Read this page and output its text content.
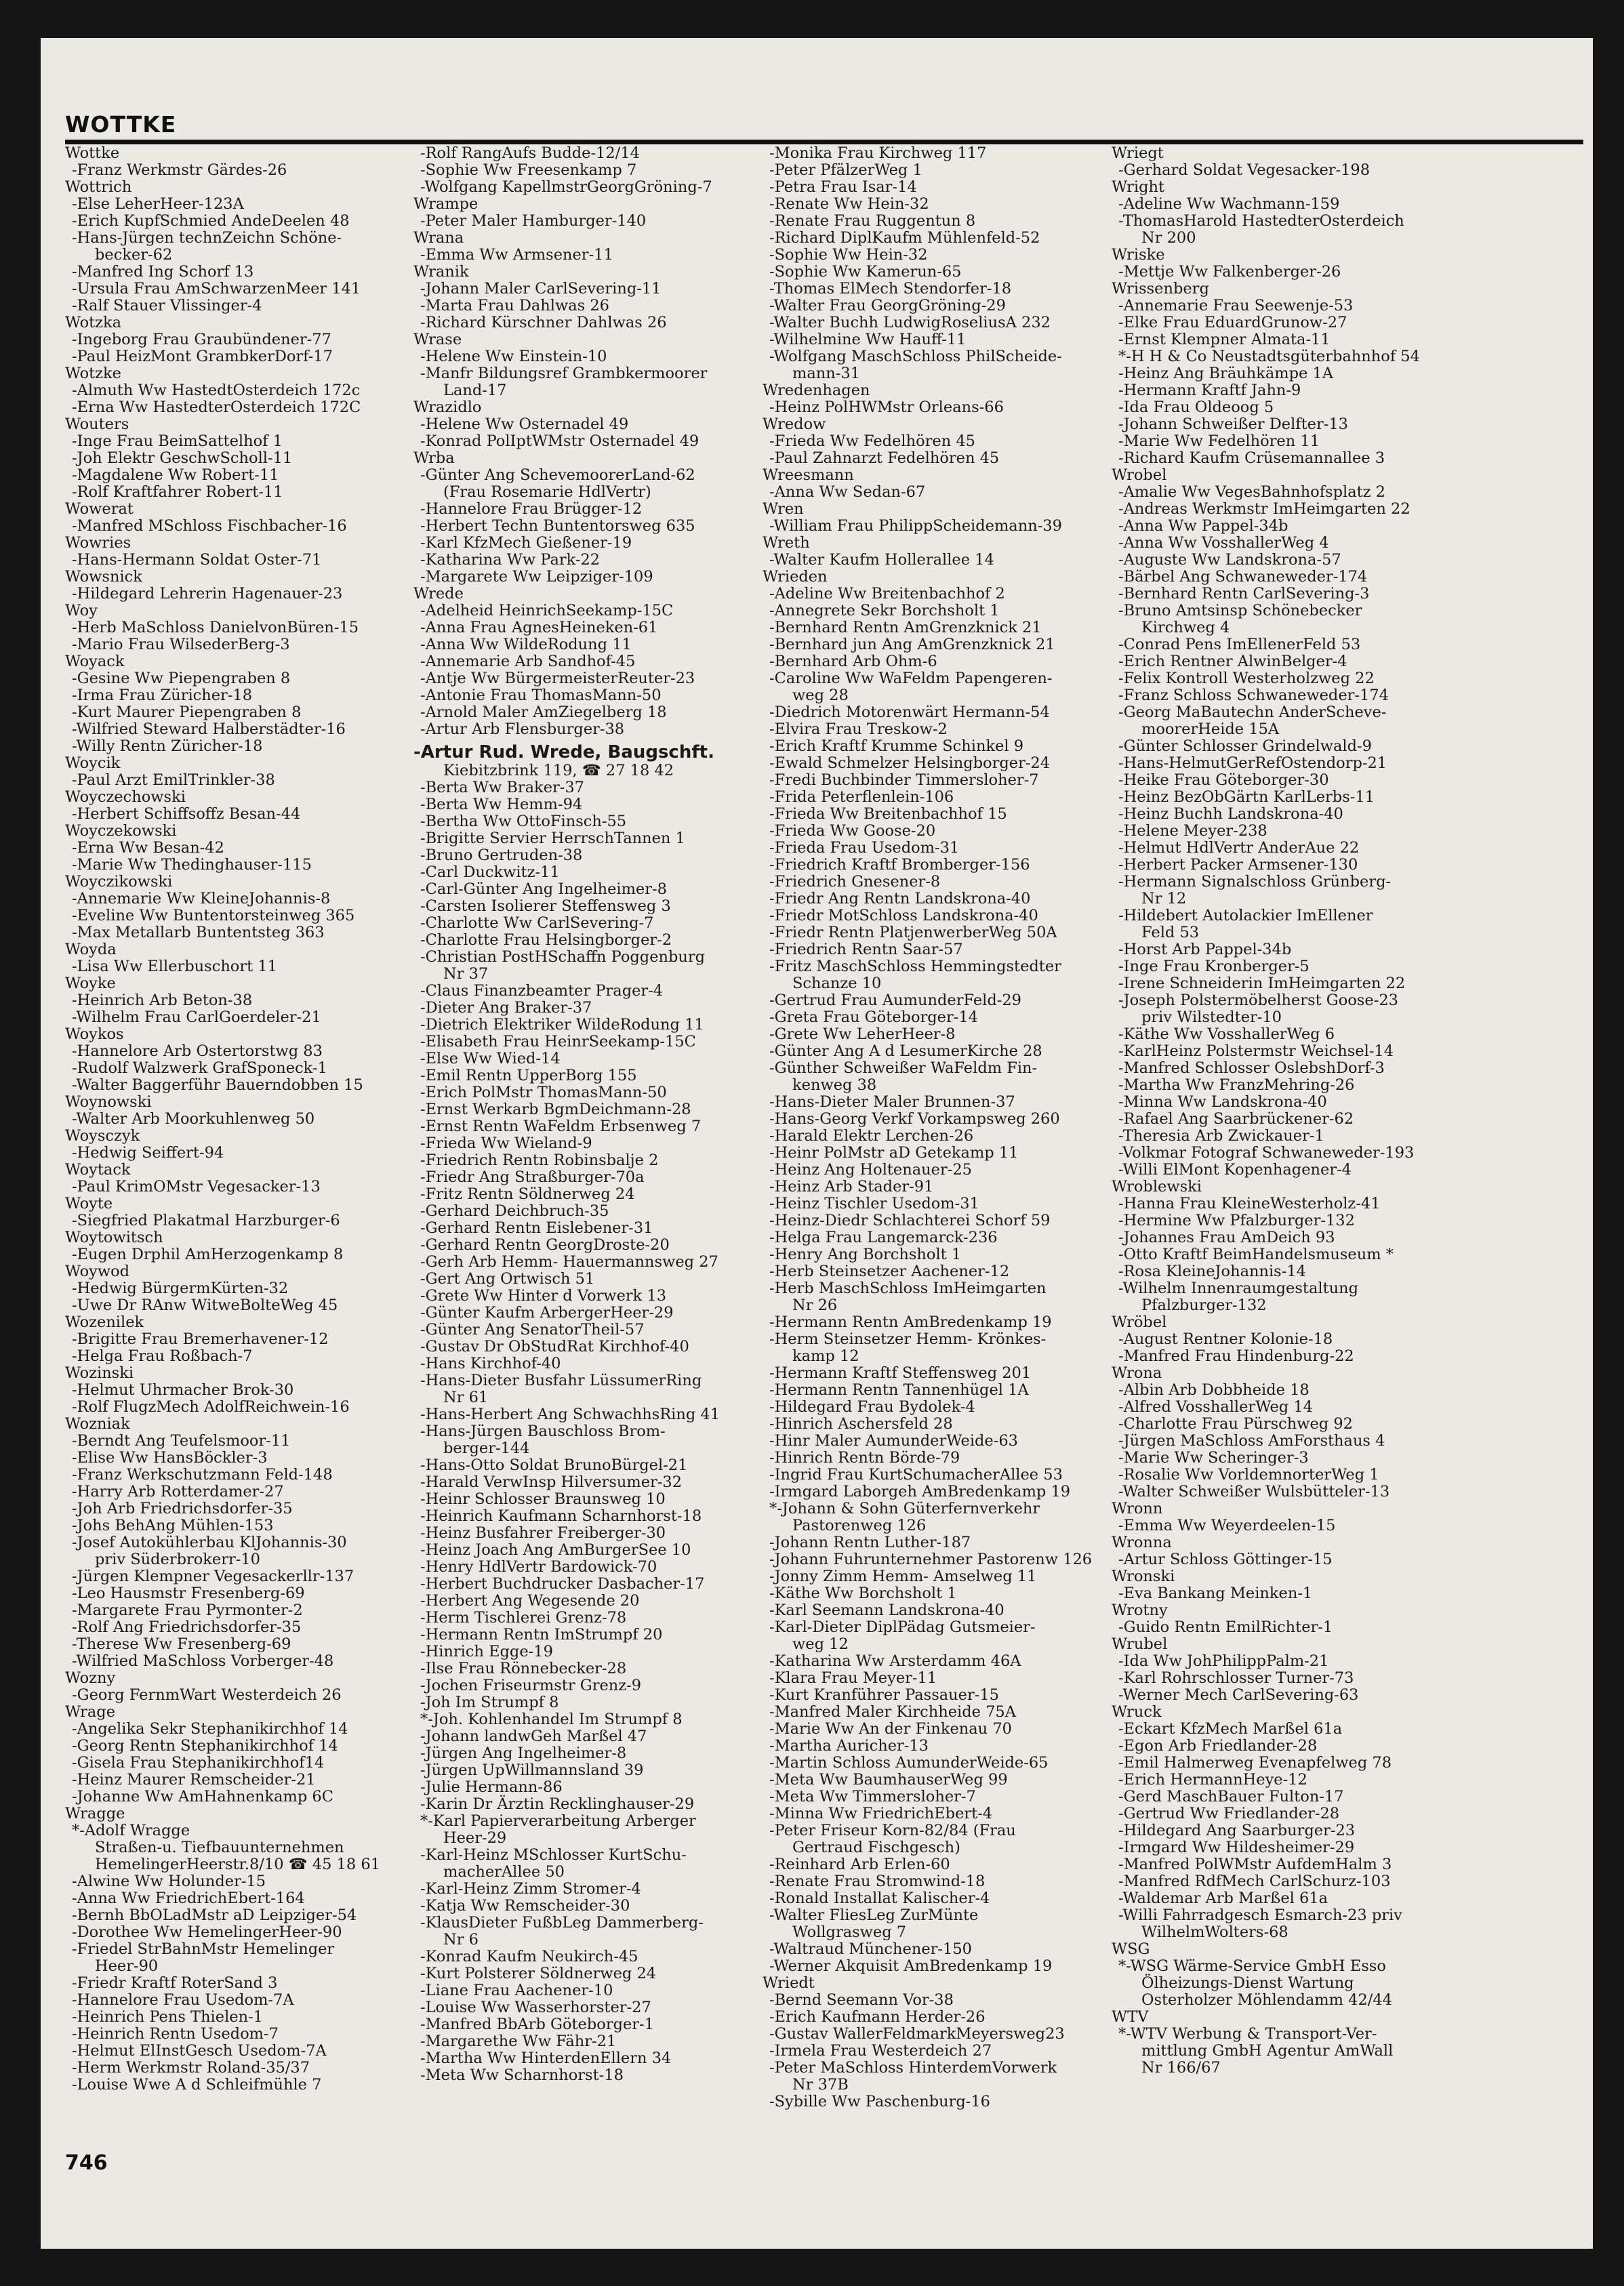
WOTTKE
Wottke
-Franz Werkmstr Gärdes-26
Wottrich
-Else LeherHeer-123A
-Erich KupfSchmied AndeDeelen 48
-Hans-Jürgen technZeichn Schöne-
becker-62
-Manfred Ing Schorf 13
-Ursula Frau AmSchwarzenMeer 141
-Ralf Stauer Vlissinger-4
Wotzka
-Ingeborg Frau Graubündener-77
-Paul HeizMont GrambkerDorf-17
Wotzke
-Almuth Ww HastedtOsterdeich 172c
-Erna Ww HastedterOsterdeich 172C
Wouters
-Inge Frau BeimSattelhof 1
-Joh Elektr GeschwScholl-11
-Magdalene Ww Robert-11
-Rolf Kraftfahrer Robert-11
Wowerat
-Manfred MSchloss Fischbacher-16
Wowries
-Hans-Hermann Soldat Oster-71
Wowsnick
-Hildegard Lehrerin Hagenauer-23
Woy
-Herb MaSchloss DanielvonBüren-15
-Mario Frau WilsederBerg-3
Woyack
-Gesine Ww Piepengraben 8
-Irma Frau Züricher-18
-Kurt Maurer Piepengraben 8
-Wilfried Steward Halberstädter-16
-Willy Rentn Züricher-18
Woycik
-Paul Arzt EmilTrinkler-38
Woyczechowski
-Herbert Schiffsoffz Besan-44
Woyczekowski
-Erna Ww Besan-42
-Marie Ww Thedinghauser-115
Woyczikowski
-Annemarie Ww KleineJohannis-8
-Eveline Ww Buntentorsteinweg 365
-Max Metallarb Buntentsteg 363
Woyda
-Lisa Ww Ellerbuschort 11
Woyke
-Heinrich Arb Beton-38
-Wilhelm Frau CarlGoerdeler-21
Woykos
-Hannelore Arb Ostertorstwg 83
-Rudolf Walzwerk GrafSponeck-1
-Walter Baggerführ Bauerndobben 15
Woynowski
-Walter Arb Moorkuhlenweg 50
Woysczyk
-Hedwig Seiffert-94
Woytack
-Paul KrimOMstr Vegesacker-13
Woyte
-Siegfried Plakatmal Harzburger-6
Woytowitsch
-Eugen Drphil AmHerzogenkamp 8
Woywod
-Hedwig BürgermKürten-32
-Uwe Dr RAnw WitweBolteWeg 45
Wozenilek
-Brigitte Frau Bremerhavener-12
-Helga Frau Roßbach-7
Wozinski
-Helmut Uhrmacher Brok-30
-Rolf FlugzMech AdolfReichwein-16
Wozniak
-Berndt Ang Teufelsmoor-11
-Elise Ww HansBöckler-3
-Franz Werkschutzmann Feld-148
-Harry Arb Rotterdamer-27
-Joh Arb Friedrichsdorfer-35
-Johs BehAng Mühlen-153
-Josef Autokühlerbau KlJohannis-30
priv Süderbrokerr-10
-Jürgen Klempner Vegesackerllr-137
-Leo Hausmstr Fresenberg-69
-Margarete Frau Pyrmonter-2
-Rolf Ang Friedrichsdorfer-35
-Therese Ww Fresenberg-69
-Wilfried MaSchloss Vorberger-48
Wozny
-Georg FernmWart Westerdeich 26
Wrage
-Angelika Sekr Stephanikirchhof 14
-Georg Rentn Stephanikirchhof 14
-Gisela Frau Stephanikirchhof14
-Heinz Maurer Remscheider-21
-Johanne Ww AmHahnenkamp 6C
Wragge
*-Adolf Wragge
Straßen-u. Tiefbauunternehmen
HemelingerHeerstr.8/10 ☎ 45 18 61
-Alwine Ww Holunder-15
-Anna Ww FriedrichEbert-164
-Bernh BbOLadMstr aD Leipziger-54
-Dorothee Ww HemelingerHeer-90
-Friedel StrBahnMstr Hemelinger
Heer-90
-Friedr Kraftf RoterSand 3
-Hannelore Frau Usedom-7A
-Heinrich Pens Thielen-1
-Heinrich Rentn Usedom-7
-Helmut ElInstGesch Usedom-7A
-Herm Werkmstr Roland-35/37
-Louise Wwe A d Schleifmühle 7
-Rolf RangAufs Budde-12/14
-Sophie Ww Freesenkamp 7
-Wolfgang KapellmstrGeorgGröning-7
Wrampe
-Peter Maler Hamburger-140
Wrana
-Emma Ww Armsener-11
Wranik
-Johann Maler CarlSevering-11
-Marta Frau Dahlwas 26
-Richard Kürschner Dahlwas 26
Wrase
-Helene Ww Einstein-10
-Manfr Bildungsref Grambkermoorer
Land-17
Wrazidlo
-Helene Ww Osternadel 49
-Konrad PolIptWMstr Osternadel 49
Wrba
-Günter Ang SchevemoorerLand-62
(Frau Rosemarie HdlVertr)
-Hannelore Frau Brügger-12
-Herbert Techn Buntentorsweg 635
-Karl KfzMech Gießener-19
-Katharina Ww Park-22
-Margarete Ww Leipziger-109
Wrede
-Adelheid HeinrichSeekamp-15C
-Anna Frau AgnesHeineken-61
-Anna Ww WildeRodung 11
-Annemarie Arb Sandhof-45
-Antje Ww BürgermeisterReuter-23
-Antonie Frau ThomasMann-50
-Arnold Maler AmZiegelberg 18
-Artur Arb Flensburger-38
-Artur Rud. Wrede, Baugschft.
Kiebitzbrink 119, ☎ 27 18 42
-Berta Ww Braker-37
-Berta Ww Hemm-94
-Bertha Ww OttoFinsch-55
-Brigitte Servier HerrschTannen 1
-Bruno Gertruden-38
-Carl Duckwitz-11
-Carl-Günter Ang Ingelheimer-8
-Carsten Isolierer Steffensweg 3
-Charlotte Ww CarlSevering-7
-Charlotte Frau Helsingborger-2
-Christian PostHSchaffn Poggenburg
Nr 37
-Claus Finanzbeamter Prager-4
-Dieter Ang Braker-37
-Dietrich Elektriker WildeRodung 11
-Elisabeth Frau HeinrSeekamp-15C
-Else Ww Wied-14
-Emil Rentn UpperBorg 155
-Erich PolMstr ThomasMann-50
-Ernst Werkarb BgmDeichmann-28
-Ernst Rentn WaFeldm Erbsenweg 7
-Frieda Ww Wieland-9
-Friedrich Rentn Robinsbalje 2
-Friedr Ang Straßburger-70a
-Fritz Rentn Söldnerweg 24
-Gerhard Deichbruch-35
-Gerhard Rentn Eislebener-31
-Gerhard Rentn GeorgDroste-20
-Gerh Arb Hemm- Hauermannsweg 27
-Gert Ang Ortwisch 51
-Grete Ww Hinter d Vorwerk 13
-Günter Kaufm ArbergerHeer-29
-Günter Ang SenatorTheil-57
-Gustav Dr ObStudRat Kirchhof-40
-Hans Kirchhof-40
-Hans-Dieter Busfahr LüssumerRing
Nr 61
-Hans-Herbert Ang SchwachhsRing 41
-Hans-Jürgen Bauschloss Brom-
berger-144
-Hans-Otto Soldat BrunoBürgel-21
-Harald VerwInsp Hilversumer-32
-Heinr Schlosser Braunsweg 10
-Heinrich Kaufmann Scharnhorst-18
-Heinz Busfahrer Freiberger-30
-Heinz Joach Ang AmBurgerSee 10
-Henry HdlVertr Bardowick-70
-Herbert Buchdrucker Dasbacher-17
-Herbert Ang Wegesende 20
-Herm Tischlerei Grenz-78
-Hermann Rentn ImStrumpf 20
-Hinrich Egge-19
-Ilse Frau Rönnebecker-28
-Jochen Friseurmstr Grenz-9
-Joh Im Strumpf 8
*-Joh. Kohlenhandel Im Strumpf 8
-Johann landwGeh Marßel 47
-Jürgen Ang Ingelheimer-8
-Jürgen UpWillmannsland 39
-Julie Hermann-86
-Karin Dr Ärztin Recklinghauser-29
*-Karl Papierverarbeitung Arberger
Heer-29
-Karl-Heinz MSchlosser KurtSchu-
macherAllee 50
-Karl-Heinz Zimm Stromer-4
-Katja Ww Remscheider-30
-KlausDieter FußbLeg Dammerberg-
Nr 6
-Konrad Kaufm Neukirch-45
-Kurt Polsterer Söldnerweg 24
-Liane Frau Aachener-10
-Louise Ww Wasserhorster-27
-Manfred BbArb Göteborger-1
-Margarethe Ww Fähr-21
-Martha Ww HinterdenEllern 34
-Meta Ww Scharnhorst-18
-Monika Frau Kirchweg 117
-Peter PfälzerWeg 1
-Petra Frau Isar-14
-Renate Ww Hein-32
-Renate Frau Ruggentun 8
-Richard DiplKaufm Mühlenfeld-52
-Sophie Ww Hein-32
-Sophie Ww Kamerun-65
-Thomas ElMech Stendorfer-18
-Walter Frau GeorgGröning-29
-Walter Buchh LudwigRoseliusA 232
-Wilhelmine Ww Hauff-11
-Wolfgang MaschSchloss PhilScheide-
mann-31
Wredenhagen
-Heinz PolHWMstr Orleans-66
Wredow
-Frieda Ww Fedelhören 45
-Paul Zahnarzt Fedelhören 45
Wreesmann
-Anna Ww Sedan-67
Wren
-William Frau PhilippScheidemann-39
Wreth
-Walter Kaufm Hollerallee 14
Wrieden
-Adeline Ww Breitenbachhof 2
-Annegrete Sekr Borchsholt 1
-Bernhard Rentn AmGrenzknick 21
-Bernhard jun Ang AmGrenzknick 21
-Bernhard Arb Ohm-6
-Caroline Ww WaFeldm Papengeren-
weg 28
-Diedrich Motorenwärt Hermann-54
-Elvira Frau Treskow-2
-Erich Kraftf Krumme Schinkel 9
-Ewald Schmelzer Helsingborger-24
-Fredi Buchbinder Timmersloher-7
-Frida Peterflenlein-106
-Frieda Ww Breitenbachhof 15
-Frieda Ww Goose-20
-Frieda Frau Usedom-31
-Friedrich Kraftf Bromberger-156
-Friedrich Gnesener-8
-Friedr Ang Rentn Landskrona-40
-Friedr MotSchloss Landskrona-40
-Friedr Rentn PlatjenwerberWeg 50A
-Friedrich Rentn Saar-57
-Fritz MaschSchloss Hemmingstedter
Schanze 10
-Gertrud Frau AumunderFeld-29
-Greta Frau Göteborger-14
-Grete Ww LeherHeer-8
-Günter Ang A d LesumerKirche 28
-Günther Schweißer WaFeldm Fin-
kenweg 38
-Hans-Dieter Maler Brunnen-37
-Hans-Georg Verkf Vorkampsweg 260
-Harald Elektr Lerchen-26
-Heinr PolMstr aD Getekamp 11
-Heinz Ang Holtenauer-25
-Heinz Arb Stader-91
-Heinz Tischler Usedom-31
-Heinz-Diedr Schlachterei Schorf 59
-Helga Frau Langemarck-236
-Henry Ang Borchsholt 1
-Herb Steinsetzer Aachener-12
-Herb MaschSchloss ImHeimgarten
Nr 26
-Hermann Rentn AmBredenkamp 19
-Herm Steinsetzer Hemm- Krönkes-
kamp 12
-Hermann Kraftf Steffensweg 201
-Hermann Rentn Tannenhügel 1A
-Hildegard Frau Bydolek-4
-Hinrich Aschersfeld 28
-Hinr Maler AumunderWeide-63
-Hinrich Rentn Börde-79
-Ingrid Frau KurtSchumacherAllee 53
-Irmgard Laborgeh AmBredenkamp 19
*-Johann & Sohn Güterfernverkehr
Pastorenweg 126
-Johann Rentn Luther-187
-Johann Fuhrunternehmer Pastorenw 126
-Jonny Zimm Hemm- Amselweg 11
-Käthe Ww Borchsholt 1
-Karl Seemann Landskrona-40
-Karl-Dieter DiplPädag Gutsmeier-
weg 12
-Katharina Ww Arsterdamm 46A
-Klara Frau Meyer-11
-Kurt Kranführer Passauer-15
-Manfred Maler Kirchheide 75A
-Marie Ww An der Finkenau 70
-Martha Auricher-13
-Martin Schloss AumunderWeide-65
-Meta Ww BaumhauserWeg 99
-Meta Ww Timmersloher-7
-Minna Ww FriedrichEbert-4
-Peter Friseur Korn-82/84 (Frau
Gertraud Fischgesch)
-Reinhard Arb Erlen-60
-Renate Frau Stromwind-18
-Ronald Installat Kalischer-4
-Walter FliesLeg ZurMünte
Wollgrasweg 7
-Waltraud Münchener-150
-Werner Akquisit AmBredenkamp 19
Wriedt
-Bernd Seemann Vor-38
-Erich Kaufmann Herder-26
-Gustav WallerFeldmarkMeyersweg23
-Irmela Frau Westerdeich 27
-Peter MaSchloss HinterdemVorwerk
Nr 37B
-Sybille Ww Paschenburg-16
Wriegt
-Gerhard Soldat Vegesacker-198
Wright
-Adeline Ww Wachmann-159
-ThomasHarold HastedterOsterdeich
Nr 200
Wriske
-Mettje Ww Falkenberger-26
Wrissenberg
-Annemarie Frau Seewenje-53
-Elke Frau EduardGrunow-27
-Ernst Klempner Almata-11
*-H H & Co Neustadtsgüterbahnhof 54
-Heinz Ang Bräuhkämpe 1A
-Hermann Kraftf Jahn-9
-Ida Frau Oldeoog 5
-Johann Schweißer Delfter-13
-Marie Ww Fedelhören 11
-Richard Kaufm Crüsemannallee 3
Wrobel
-Amalie Ww VegesBahnhofsplatz 2
-Andreas Werkmstr ImHeimgarten 22
-Anna Ww Pappel-34b
-Anna Ww VosshallerWeg 4
-Auguste Ww Landskrona-57
-Bärbel Ang Schwaneweder-174
-Bernhard Rentn CarlSevering-3
-Bruno Amtsinsp Schönebecker
Kirchweg 4
-Conrad Pens ImEllenerFeld 53
-Erich Rentner AlwinBelger-4
-Felix Kontroll Westerholzweg 22
-Franz Schloss Schwaneweder-174
-Georg MaBautechn AnderScheve-
moorerHeide 15A
-Günter Schlosser Grindelwald-9
-Hans-HelmutGerRefOstendorp-21
-Heike Frau Göteborger-30
-Heinz BezObGärtn KarlLerbs-11
-Heinz Buchh Landskrona-40
-Helene Meyer-238
-Helmut HdlVertr AnderAue 22
-Herbert Packer Armsener-130
-Hermann Signalschloss Grünberg-
Nr 12
-Hildebert Autolackier ImEllener
Feld 53
-Horst Arb Pappel-34b
-Inge Frau Kronberger-5
-Irene Schneiderin ImHeimgarten 22
-Joseph Polstermöbelherst Goose-23
priv Wilstedter-10
-Käthe Ww VosshallerWeg 6
-KarlHeinz Polstermstr Weichsel-14
-Manfred Schlosser OslebshDorf-3
-Martha Ww FranzMehring-26
-Minna Ww Landskrona-40
-Rafael Ang Saarbrückener-62
-Theresia Arb Zwickauer-1
-Volkmar Fotograf Schwaneweder-193
-Willi ElMont Kopenhagener-4
Wroblewski
-Hanna Frau KleineWesterholz-41
-Hermine Ww Pfalzburger-132
-Johannes Frau AmDeich 93
-Otto Kraftf BeimHandelsmuseum *
-Rosa KleineJohannis-14
-Wilhelm Innenraumgestaltung
Pfalzburger-132
Wröbel
-August Rentner Kolonie-18
-Manfred Frau Hindenburg-22
Wrona
-Albin Arb Dobbheide 18
-Alfred VosshallerWeg 14
-Charlotte Frau Pürschweg 92
-Jürgen MaSchloss AmForsthaus 4
-Marie Ww Scheringer-3
-Rosalie Ww VorldemnorterWeg 1
-Walter Schweißer Wulsbütteler-13
Wronn
-Emma Ww Weyerdeelen-15
Wronna
-Artur Schloss Göttinger-15
Wronski
-Eva Bankang Meinken-1
Wrotny
-Guido Rentn EmilRichter-1
Wrubel
-Ida Ww JohPhilippPalm-21
-Karl Rohrschlosser Turner-73
-Werner Mech CarlSevering-63
Wruck
-Eckart KfzMech Marßel 61a
-Egon Arb Friedlander-28
-Emil Halmerweg Evenapfelweg 78
-Erich HermannHeye-12
-Gerd MaschBauer Fulton-17
-Gertrud Ww Friedlander-28
-Hildegard Ang Saarburger-23
-Irmgard Ww Hildesheimer-29
-Manfred PolWMstr AufdemHalm 3
-Manfred RdfMech CarlSchurz-103
-Waldemar Arb Marßel 61a
-Willi Fahrradgesch Esmarch-23 priv
WilhelmWolters-68
WSG
*-WSG Wärme-Service GmbH Esso
Ölheizungs-Dienst Wartung
Osterholzer Möhlendamm 42/44
WTV
*-WTV Werbung & Transport-Ver-
mittlung GmbH Agentur AmWall
Nr 166/67
746
